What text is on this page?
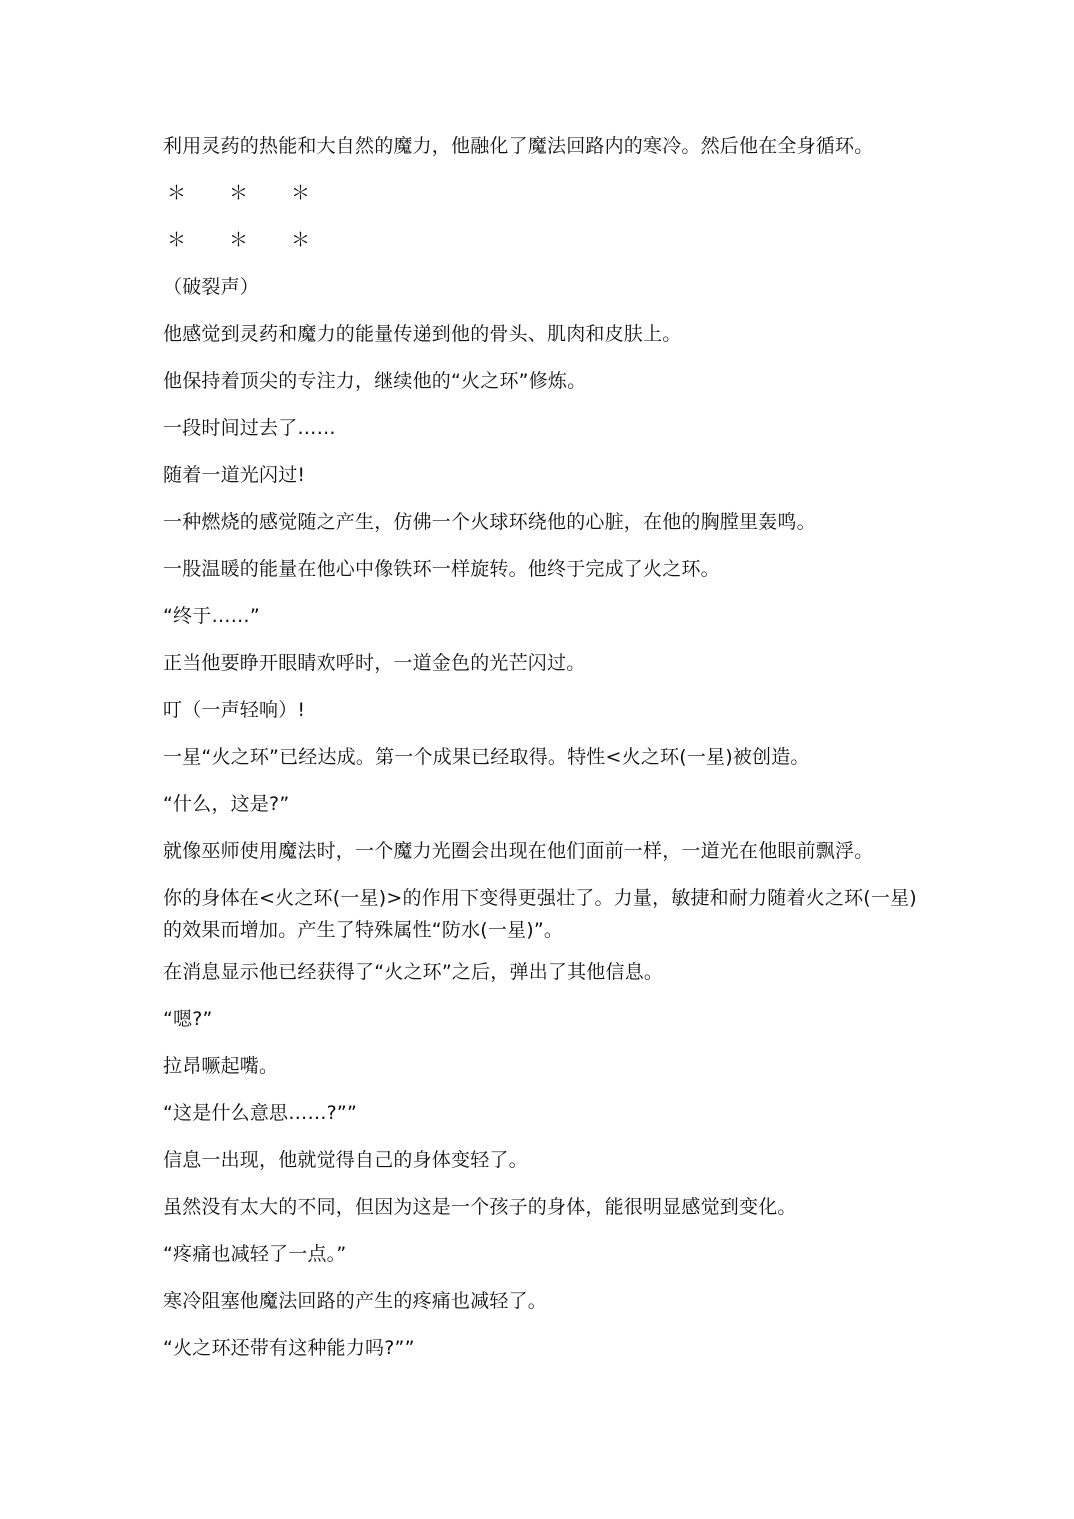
利用灵药的热能和大自然的魔力，他融化了魔法回路内的寒冷。然后他在全身循环。

＊　＊　＊

＊　＊　＊

（破裂声）

他感觉到灵药和魔力的能量传递到他的骨头、肌肉和皮肤上。

他保持着顶尖的专注力，继续他的“火之环”修炼。

一段时间过去了……

随着一道光闪过!

一种燃烧的感觉随之产生，仿佛一个火球环绕他的心脏，在他的胸膛里轰鸣。

一股温暖的能量在他心中像铁环一样旋转。他终于完成了火之环。

“终于……”

正当他要睁开眼睛欢呼时，一道金色的光芒闪过。

叮（一声轻响）!

一星“火之环”已经达成。第一个成果已经取得。特性<火之环(一星)被创造。

“什么，这是?”

就像巫师使用魔法时，一个魔力光圈会出现在他们面前一样，一道光在他眼前飘浮。

你的身体在<火之环(一星)>的作用下变得更强壮了。力量，敏捷和耐力随着火之环(一星)的效果而增加。产生了特殊属性“防水(一星)”。

在消息显示他已经获得了“火之环”之后，弹出了其他信息。

“嗯?”

拉昂噘起嘴。

“这是什么意思……?””

信息一出现，他就觉得自己的身体变轻了。

虽然没有太大的不同，但因为这是一个孩子的身体，能很明显感觉到变化。

“疼痛也减轻了一点。”

寒冷阻塞他魔法回路的产生的疼痛也减轻了。

“火之环还带有这种能力吗?””
